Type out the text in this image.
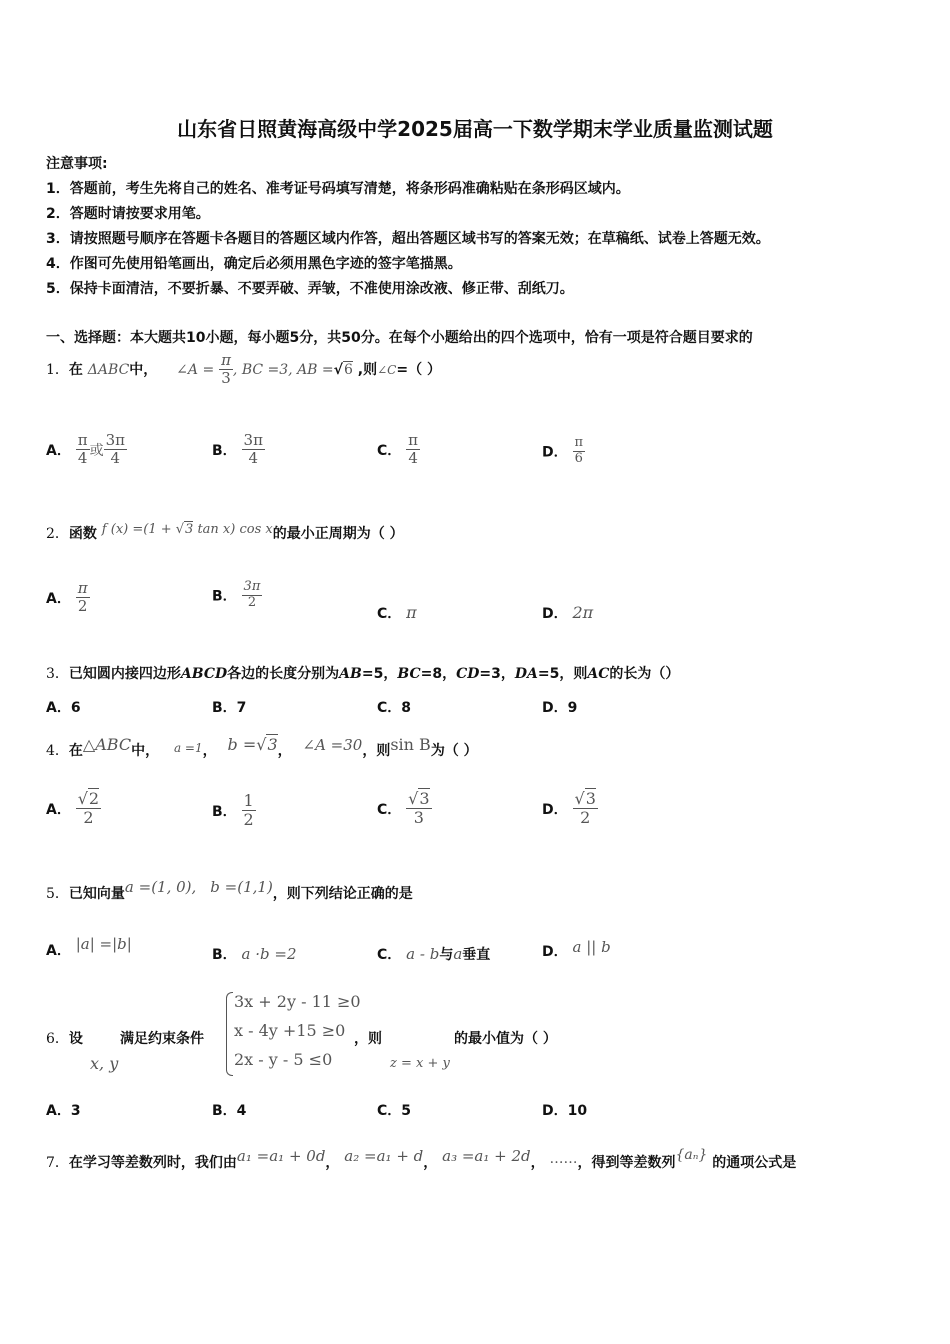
山东省日照黄海高级中学2025届高一下数学期末学业质量监测试题
注意事项:
1．答题前，考生先将自己的姓名、准考证号码填写清楚，将条形码准确粘贴在条形码区域内。
2．答题时请按要求用笔。
3．请按照题号顺序在答题卡各题目的答题区域内作答，超出答题区域书写的答案无效；在草稿纸、试卷上答题无效。
4．作图可先使用铅笔画出，确定后必须用黑色字迹的签字笔描黑。
5．保持卡面清洁，不要折暴、不要弄破、弄皱，不准使用涂改液、修正带、刮纸刀。
一、选择题：本大题共10小题，每小题5分，共50分。在每个小题给出的四个选项中，恰有一项是符合题目要求的
1．在 ΔABC中， ∠A = $\frac{\pi}{3}$ , BC =3, AB =√6 ,则∠C=（ ）
A． $\frac{\pi}{4}$ 或 $\frac{3\pi}{4}$	B． $\frac{3\pi}{4}$	C． $\frac{\pi}{4}$	D． $\frac{\pi}{6}$
2．函数 f (x) =(1 + √3 tan x) cos x的最小正周期为（ ）
A． $\frac{\pi}{2}$	B． $\frac{3\pi}{2}$
C． π	D． 2π
3．已知圆内接四边形ABCD各边的长度分别为AB=5，BC=8，CD=3，DA=5，则AC的长为（）
A．6	B．7	C．8	D．9
4．在△ABC中， a =1， b =√3， ∠A =30，则sin B为（ ）
A． $\frac{√2}{2}$	B． $\frac{1}{2}$	C． $\frac{√3}{3}$	D． $\frac{√3}{2}$
5．已知向量a =(1, 0), b =(1,1)，则下列结论正确的是
A． |a| =|b|
B． a ·b =2	C． a - b与a垂直	D． a || b
6．设
x, y
满足约束条件
3x + 2y - 11 ≥0
x - 4y +15 ≥0
2x - y - 5 ≤0
，则
z = x + y
的最小值为（ ）
A．3	B．4	C．5	D．10
7．在学习等差数列时，我们由a₁ =a₁ + 0d， a₂ =a₁ + d， a₃ =a₁ + 2d， ……，得到等差数列{aₙ} 的通项公式是
